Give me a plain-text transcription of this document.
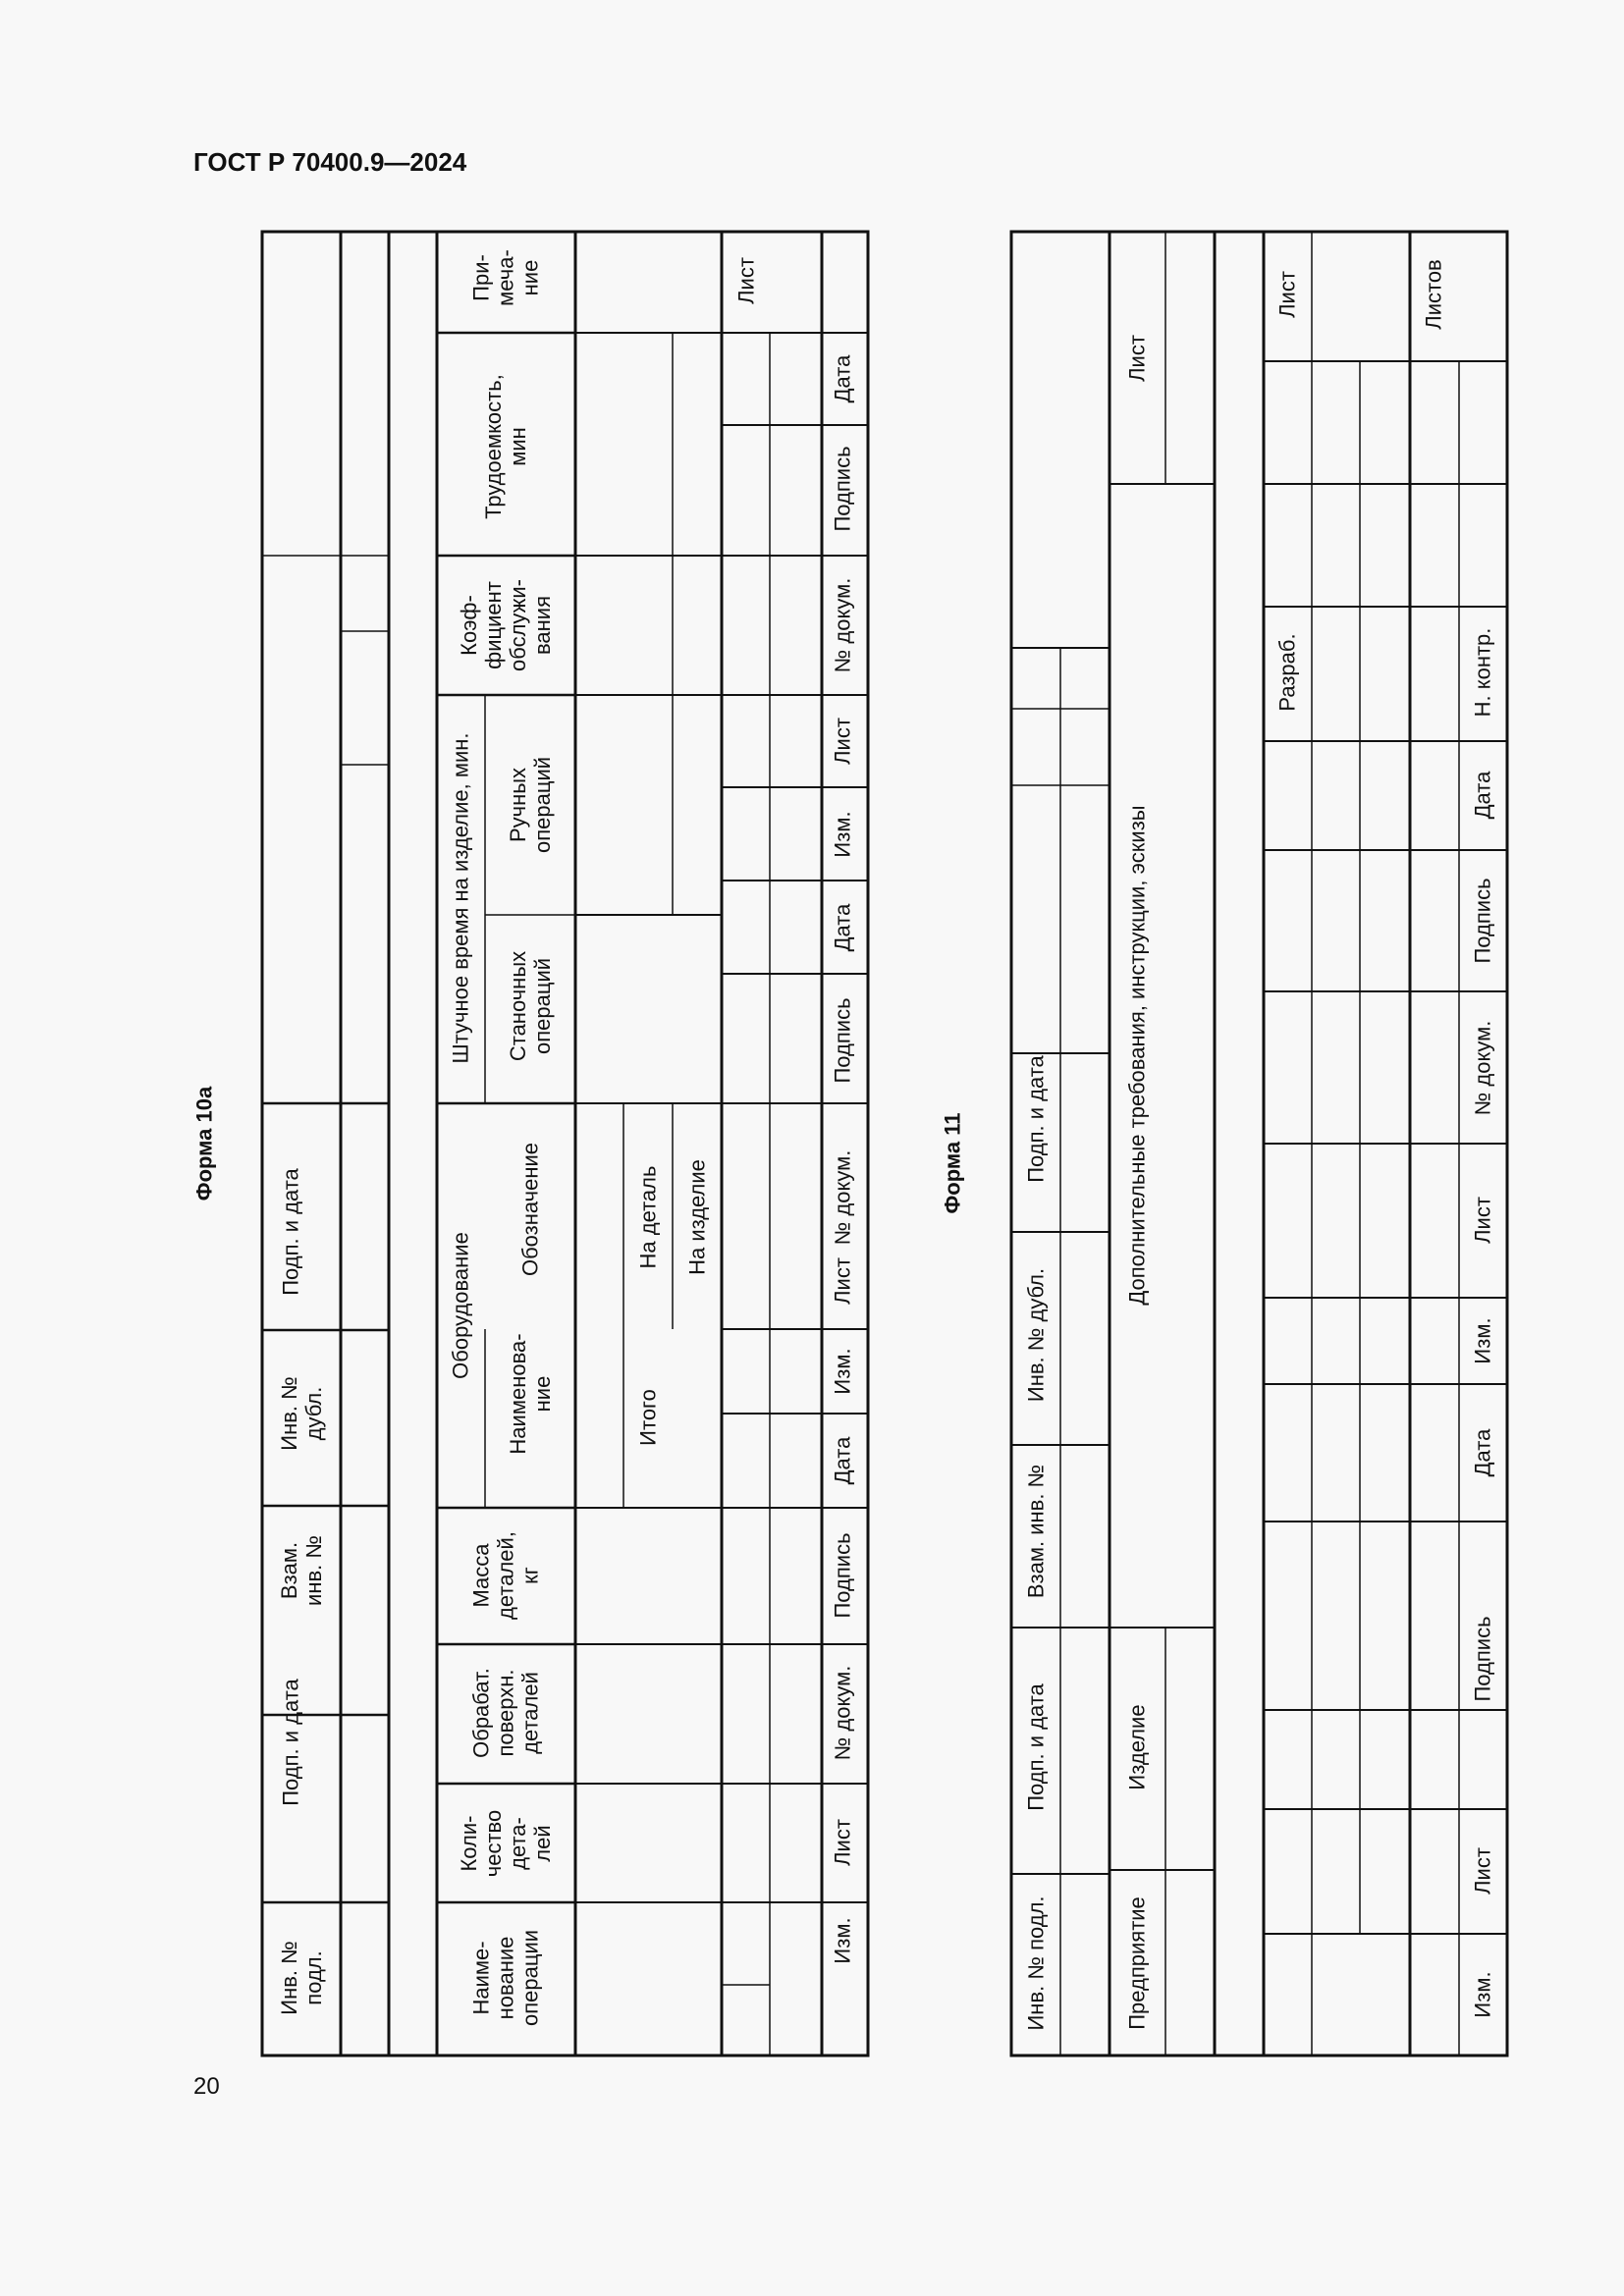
ГОСТ Р 70400.9—2024
20
Инв. №подл.
Подп. и дата
Взам.инв. №
Инв. №дубл.
Подп. и дата
Наиме-нованиеоперации
Коли-честводета-лей
Обрабат.поверхн.деталей
Массадеталей,кг
Оборудование
Наименова-ние
Обозначение
Штучное время на изделие, мин. Станочныхопераций
Ручныхопераций
Коэф-фициентобслужи-вания
Трудоемкость,мин
При-меча-ние
Итого
На деталь На изделие
Изм.
Лист
№ докум.
Подпись
Дата
Изм.
Лист
№ докум.
Подпись
Дата
Изм.
Лист
№ докум.
Подпись
Дата
Лист
Форма 10а
Инв. № подл.
Подп. и дата
Взам. инв. №
Инв. № дубл.
Подп. и дата
Предприятие
Изделие
Дополнительные требования, инструкции, эскизы
Лист
Изм.
Лист
Подпись
Дата
Изм.
Лист
№ докум.
Подпись
Дата
Н. контр.
Разраб.
Лист	Листов
Форма 11
